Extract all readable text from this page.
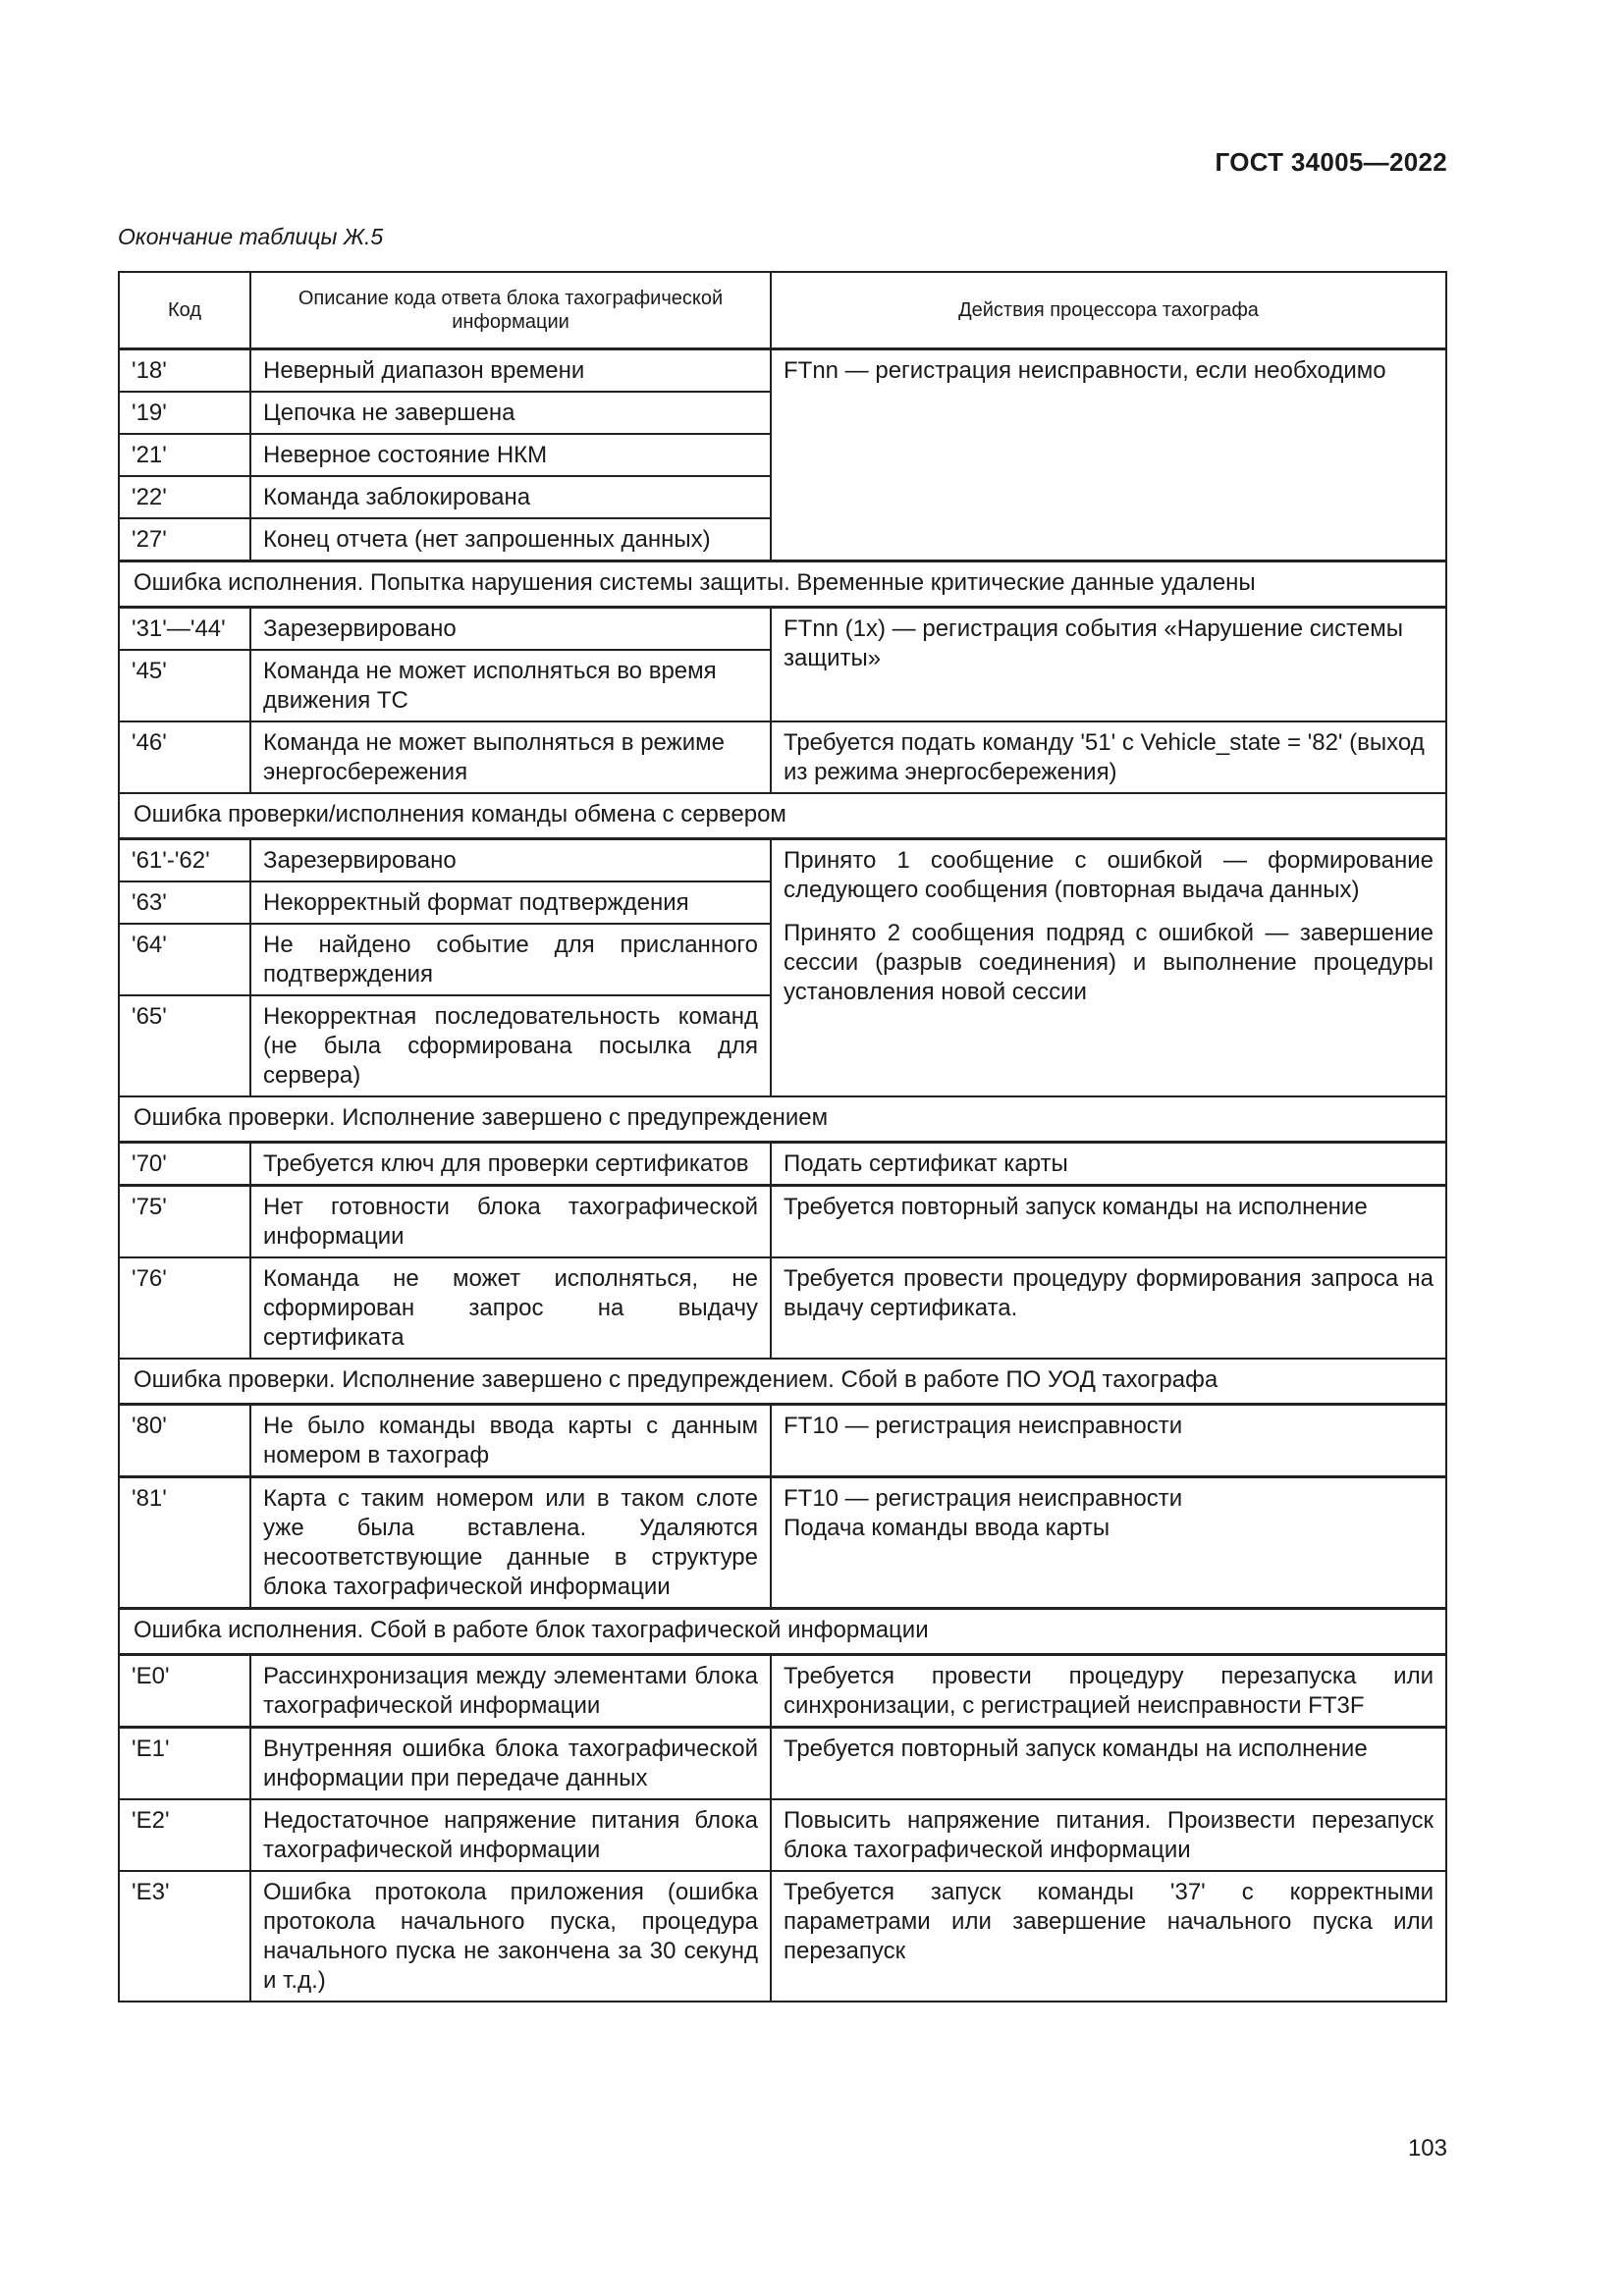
ГОСТ 34005—2022
Окончание таблицы Ж.5
Код	Описание кода ответа блока тахографической информации	Действия процессора тахографа
'18'	Неверный диапазон времени	FTnn — регистрация неисправности, если необходимо
'19'	Цепочка не завершена	
'21'	Неверное состояние НКМ	
'22'	Команда заблокирована	
'27'	Конец отчета (нет запрошенных данных)	
Ошибка исполнения. Попытка нарушения системы защиты. Временные критические данные удалены		
'31'—'44'	Зарезервировано	FTnn (1x) — регистрация события «Нарушение системы защиты»
'45'	Команда не может исполняться во время движения ТС	
'46'	Команда не может выполняться в режиме энергосбережения	Требуется подать команду '51' с Vehicle_state = '82' (выход из режима энергосбережения)
Ошибка проверки/исполнения команды обмена с сервером		
'61'-'62'	Зарезервировано	Принято 1 сообщение с ошибкой — формирование следующего сообщения (повторная выдача данных)
Принято 2 сообщения подряд с ошибкой — завершение сессии (разрыв соединения) и выполнение процедуры установления новой сессии

'63'	Некорректный формат подтверждения	
'64'	Не найдено событие для присланного подтверждения	
'65'	Некорректная последовательность команд (не была сформирована посылка для сервера)	
Ошибка проверки. Исполнение завершено с предупреждением		
'70'	Требуется ключ для проверки сертификатов	Подать сертификат карты
'75'	Нет готовности блока тахографической информации	Требуется повторный запуск команды на исполнение
'76'	Команда не может исполняться, не сформирован запрос на выдачу сертификата	Требуется провести процедуру формирования запроса на выдачу сертификата.
Ошибка проверки. Исполнение завершено с предупреждением. Сбой в работе ПО УОД тахографа		
'80'	Не было команды ввода карты с данным номером в тахограф	FT10 — регистрация неисправности
'81'	Карта с таким номером или в таком слоте уже была вставлена. Удаляются несоответствующие данные в структуре блока тахографической информации	FT10 — регистрация неисправности
Подача команды ввода карты

Ошибка исполнения. Сбой в работе блок тахографической информации		
'E0'	Рассинхронизация между элементами блока тахографической информации	Требуется провести процедуру перезапуска или синхронизации, с регистрацией неисправности FT3F
'E1'	Внутренняя ошибка блока тахографической информации при передаче данных	Требуется повторный запуск команды на исполнение
'E2'	Недостаточное напряжение питания блока тахографической информации	Повысить напряжение питания. Произвести перезапуск блока тахографической информации
'E3'	Ошибка протокола приложения (ошибка протокола начального пуска, процедура начального пуска не закончена за 30 секунд и т.д.)	Требуется запуск команды '37' с корректными параметрами или завершение начального пуска или перезапуск
103
